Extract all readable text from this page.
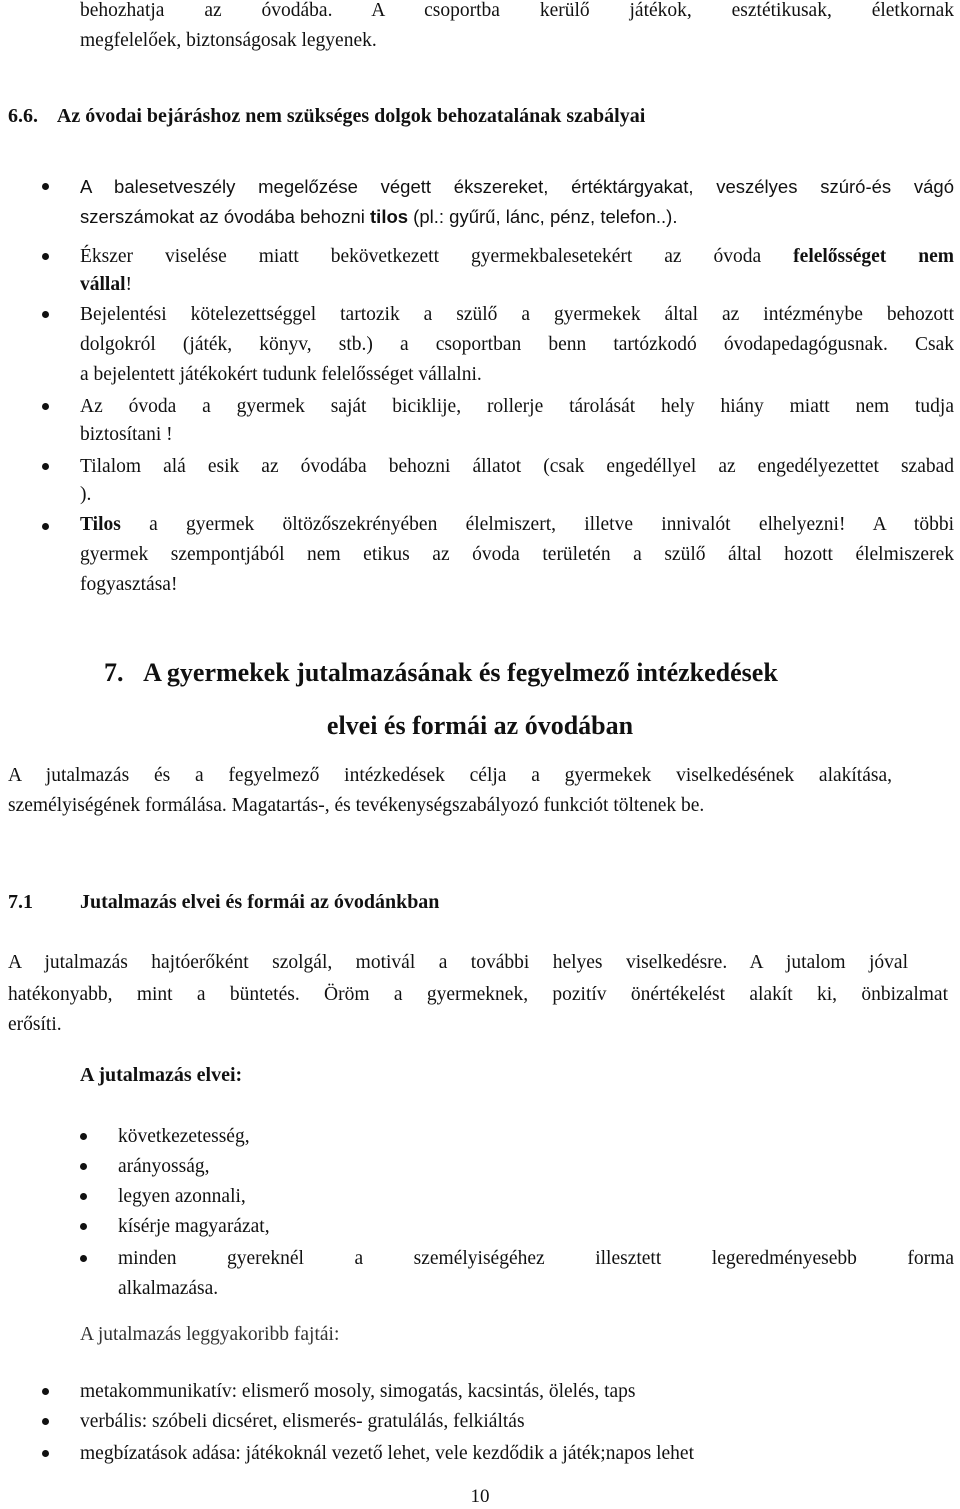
behozhatja az óvodába. A csoportba kerülő játékok, esztétikusak, életkornak
megfelelőek, biztonságosak legyenek.
6.6. Az óvodai bejáráshoz nem szükséges dolgok behozatalának szabályai
A balesetveszély megelőzése végett ékszereket, értéktárgyakat, veszélyes szúró-és vágó
szerszámokat az óvodába behozni tilos (pl.: gyűrű, lánc, pénz, telefon..).
Ékszer viselése miatt bekövetkezett gyermekbalesetekért az óvoda felelősséget nem
vállal!
Bejelentési kötelezettséggel tartozik a szülő a gyermekek által az intézménybe behozott
dolgokról (játék, könyv, stb.) a csoportban benn tartózkodó óvodapedagógusnak. Csak
a bejelentett játékokért tudunk felelősséget vállalni.
Az óvoda a gyermek saját biciklije, rollerje tárolását hely hiány miatt nem tudja
biztosítani !
Tilalom alá esik az óvodába behozni állatot (csak engedéllyel az engedélyezettet szabad
).
Tilos a gyermek öltözőszekrényében élelmiszert, illetve innivalót elhelyezni! A többi
gyermek szempontjából nem etikus az óvoda területén a szülő által hozott élelmiszerek
fogyasztása!
7. A gyermekek jutalmazásának és fegyelmező intézkedések
elvei és formái az óvodában
A jutalmazás és a fegyelmező intézkedések célja a gyermekek viselkedésének alakítása,
személyiségének formálása. Magatartás-, és tevékenységszabályozó funkciót töltenek be.
7.1 Jutalmazás elvei és formái az óvodánkban
A jutalmazás hajtóerőként szolgál, motivál a további helyes viselkedésre. A jutalom jóval
hatékonyabb, mint a büntetés. Öröm a gyermeknek, pozitív önértékelést alakít ki, önbizalmat
erősíti.
A jutalmazás elvei:
következetesség,
arányosság,
legyen azonnali,
kísérje magyarázat,
minden gyereknél a személyiségéhez illesztett legeredményesebb forma
alkalmazása.
A jutalmazás leggyakoribb fajtái:
metakommunikatív: elismerő mosoly, simogatás, kacsintás, ölelés, taps
verbális: szóbeli dicséret, elismerés- gratulálás, felkiáltás
megbízatások adása: játékoknál vezető lehet, vele kezdődik a játék;napos lehet
10
